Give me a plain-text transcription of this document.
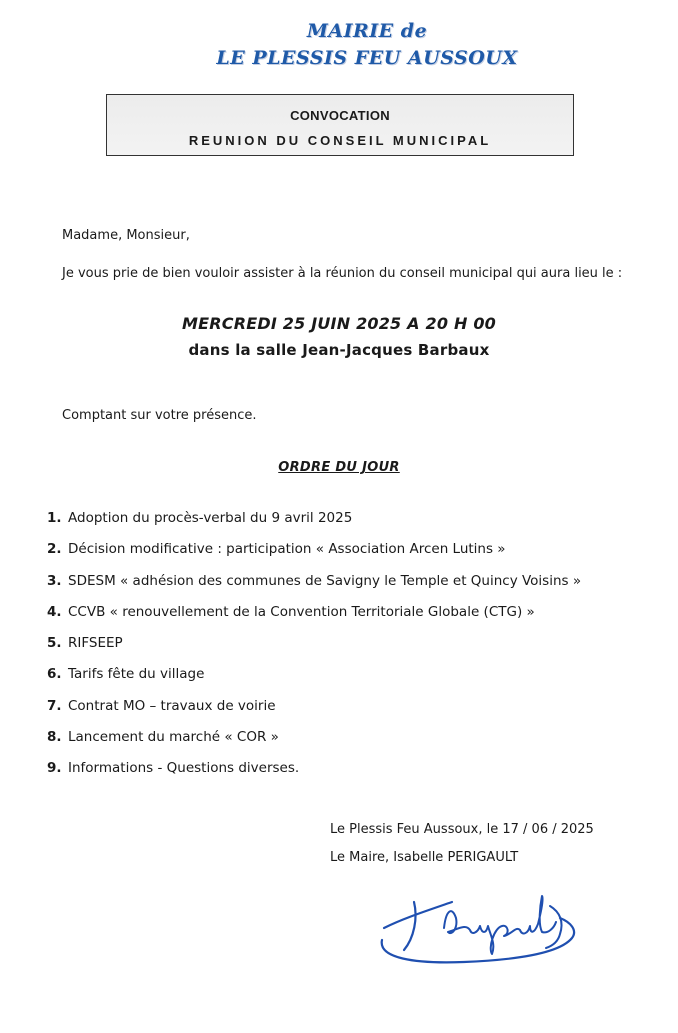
MAIRIE de
LE PLESSIS FEU AUSSOUX
CONVOCATION
REUNION DU CONSEIL MUNICIPAL
Madame, Monsieur,
Je vous prie de bien vouloir assister à la réunion du conseil municipal qui aura lieu le :
MERCREDI 25 JUIN 2025 A 20 H 00
dans la salle Jean-Jacques Barbaux
Comptant sur votre présence.
ORDRE DU JOUR
1. Adoption du procès-verbal du 9 avril 2025
2. Décision modificative : participation « Association Arcen Lutins »
3. SDESM « adhésion des communes de Savigny le Temple et Quincy Voisins »
4. CCVB « renouvellement de la Convention Territoriale Globale (CTG) »
5. RIFSEEP
6. Tarifs fête du village
7. Contrat MO – travaux de voirie
8. Lancement du marché « COR »
9. Informations - Questions diverses.
Le Plessis Feu Aussoux, le 17 / 06 / 2025
Le Maire, Isabelle PERIGAULT
